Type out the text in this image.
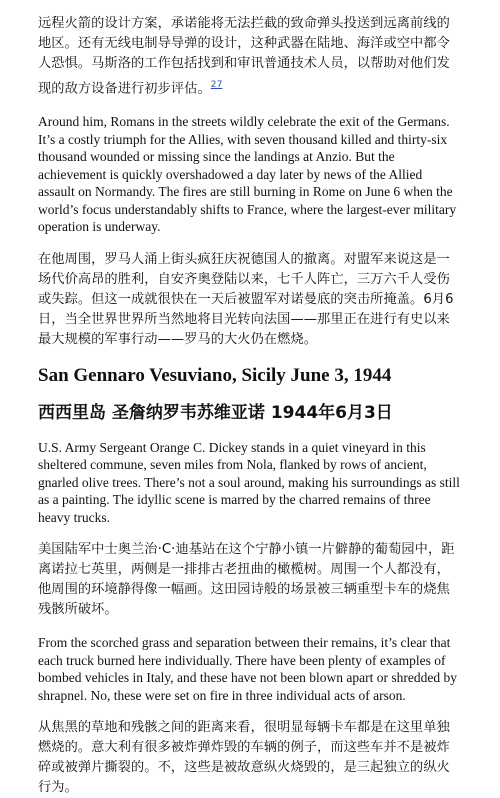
远程火箭的设计方案，承诺能将无法拦截的致命弹头投送到远离前线的地区。还有无线电制导导弹的设计，这种武器在陆地、海洋或空中都令人恐惧。马斯洛的工作包括找到和审讯普通技术人员，以帮助对他们发现的敌方设备进行初步评估。$^{27}$

Around him, Romans in the streets wildly celebrate the exit of the Germans. It’s a costly triumph for the Allies, with seven thousand killed and thirty-six thousand wounded or missing since the landings at Anzio. But the achievement is quickly overshadowed a day later by news of the Allied assault on Normandy. The fires are still burning in Rome on June 6 when the world’s focus understandably shifts to France, where the largest-ever military operation is underway.

在他周围，罗马人涌上街头疯狂庆祝德国人的撤离。对盟军来说这是一场代价高昂的胜利，自安齐奥登陆以来，七千人阵亡，三万六千人受伤或失踪。但这一成就很快在一天后被盟军对诺曼底的突击所掩盖。6月6日，当全世界世界所当然地将目光转向法国——那里正在进行有史以来最大规模的军事行动——罗马的大火仍在燃烧。

San Gennaro Vesuviano, Sicily June 3, 1944
西西里岛 圣詹纳罗韦苏维亚诺 1944年6月3日

U.S. Army Sergeant Orange C. Dickey stands in a quiet vineyard in this sheltered commune, seven miles from Nola, flanked by rows of ancient, gnarled olive trees. There’s not a soul around, making his surroundings as still as a painting. The idyllic scene is marred by the charred remains of three heavy trucks.

美国陆军中士奥兰治·C·迪基站在这个宁静小镇一片僻静的葡萄园中，距离诺拉七英里，两侧是一排排古老扭曲的橄榄树。周围一个人都没有，他周围的环境静得像一幅画。这田园诗般的场景被三辆重型卡车的烧焦残骸所破坏。

From the scorched grass and separation between their remains, it’s clear that each truck burned here individually. There have been plenty of examples of bombed vehicles in Italy, and these have not been blown apart or shredded by shrapnel. No, these were set on fire in three individual acts of arson.

从焦黑的草地和残骸之间的距离来看，很明显每辆卡车都是在这里单独燃烧的。意大利有很多被炸弹炸毁的车辆的例子，而这些车并不是被炸碎或被弹片撕裂的。不，这些是被故意纵火烧毁的，是三起独立的纵火行为。
